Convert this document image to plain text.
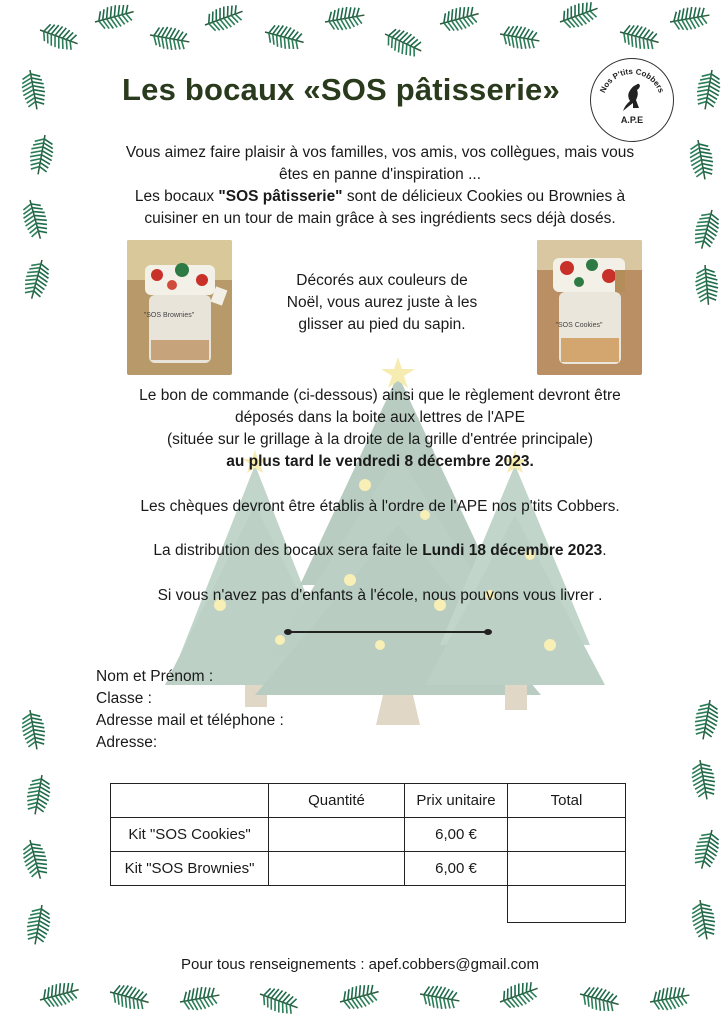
Les bocaux «SOS pâtisserie»	Nos P'tits Cobbers
A.P.E
Vous aimez faire plaisir à vos familles, vos amis, vos collègues, mais vous
êtes en panne d'inspiration ...
Les bocaux "SOS pâtisserie" sont de délicieux Cookies ou Brownies à
cuisiner en un tour de main grâce à ses ingrédients secs déjà dosés.
"SOS Brownies"
"SOS Cookies"
Décorés aux couleurs de
Noël, vous aurez juste à les
glisser au pied du sapin.
Le bon de commande (ci-dessous) ainsi que le règlement devront être
déposés dans la boite aux lettres de l'APE
(située sur le grillage à la droite de la grille d'entrée principale)
au plus tard le vendredi 8 décembre 2023.
Les chèques devront être établis à l'ordre de l'APE nos p'tits Cobbers.
La distribution des bocaux sera faite le Lundi 18 décembre 2023.
Si vous n'avez pas d'enfants à l'école, nous pouvons vous livrer .
Nom et Prénom :
Classe :
Adresse mail et téléphone :
Adresse:
	Quantité	Prix unitaire	Total
Kit "SOS Cookies"		6,00 €	
Kit "SOS Brownies"		6,00 €	

Pour tous renseignements : apef.cobbers@gmail.com
